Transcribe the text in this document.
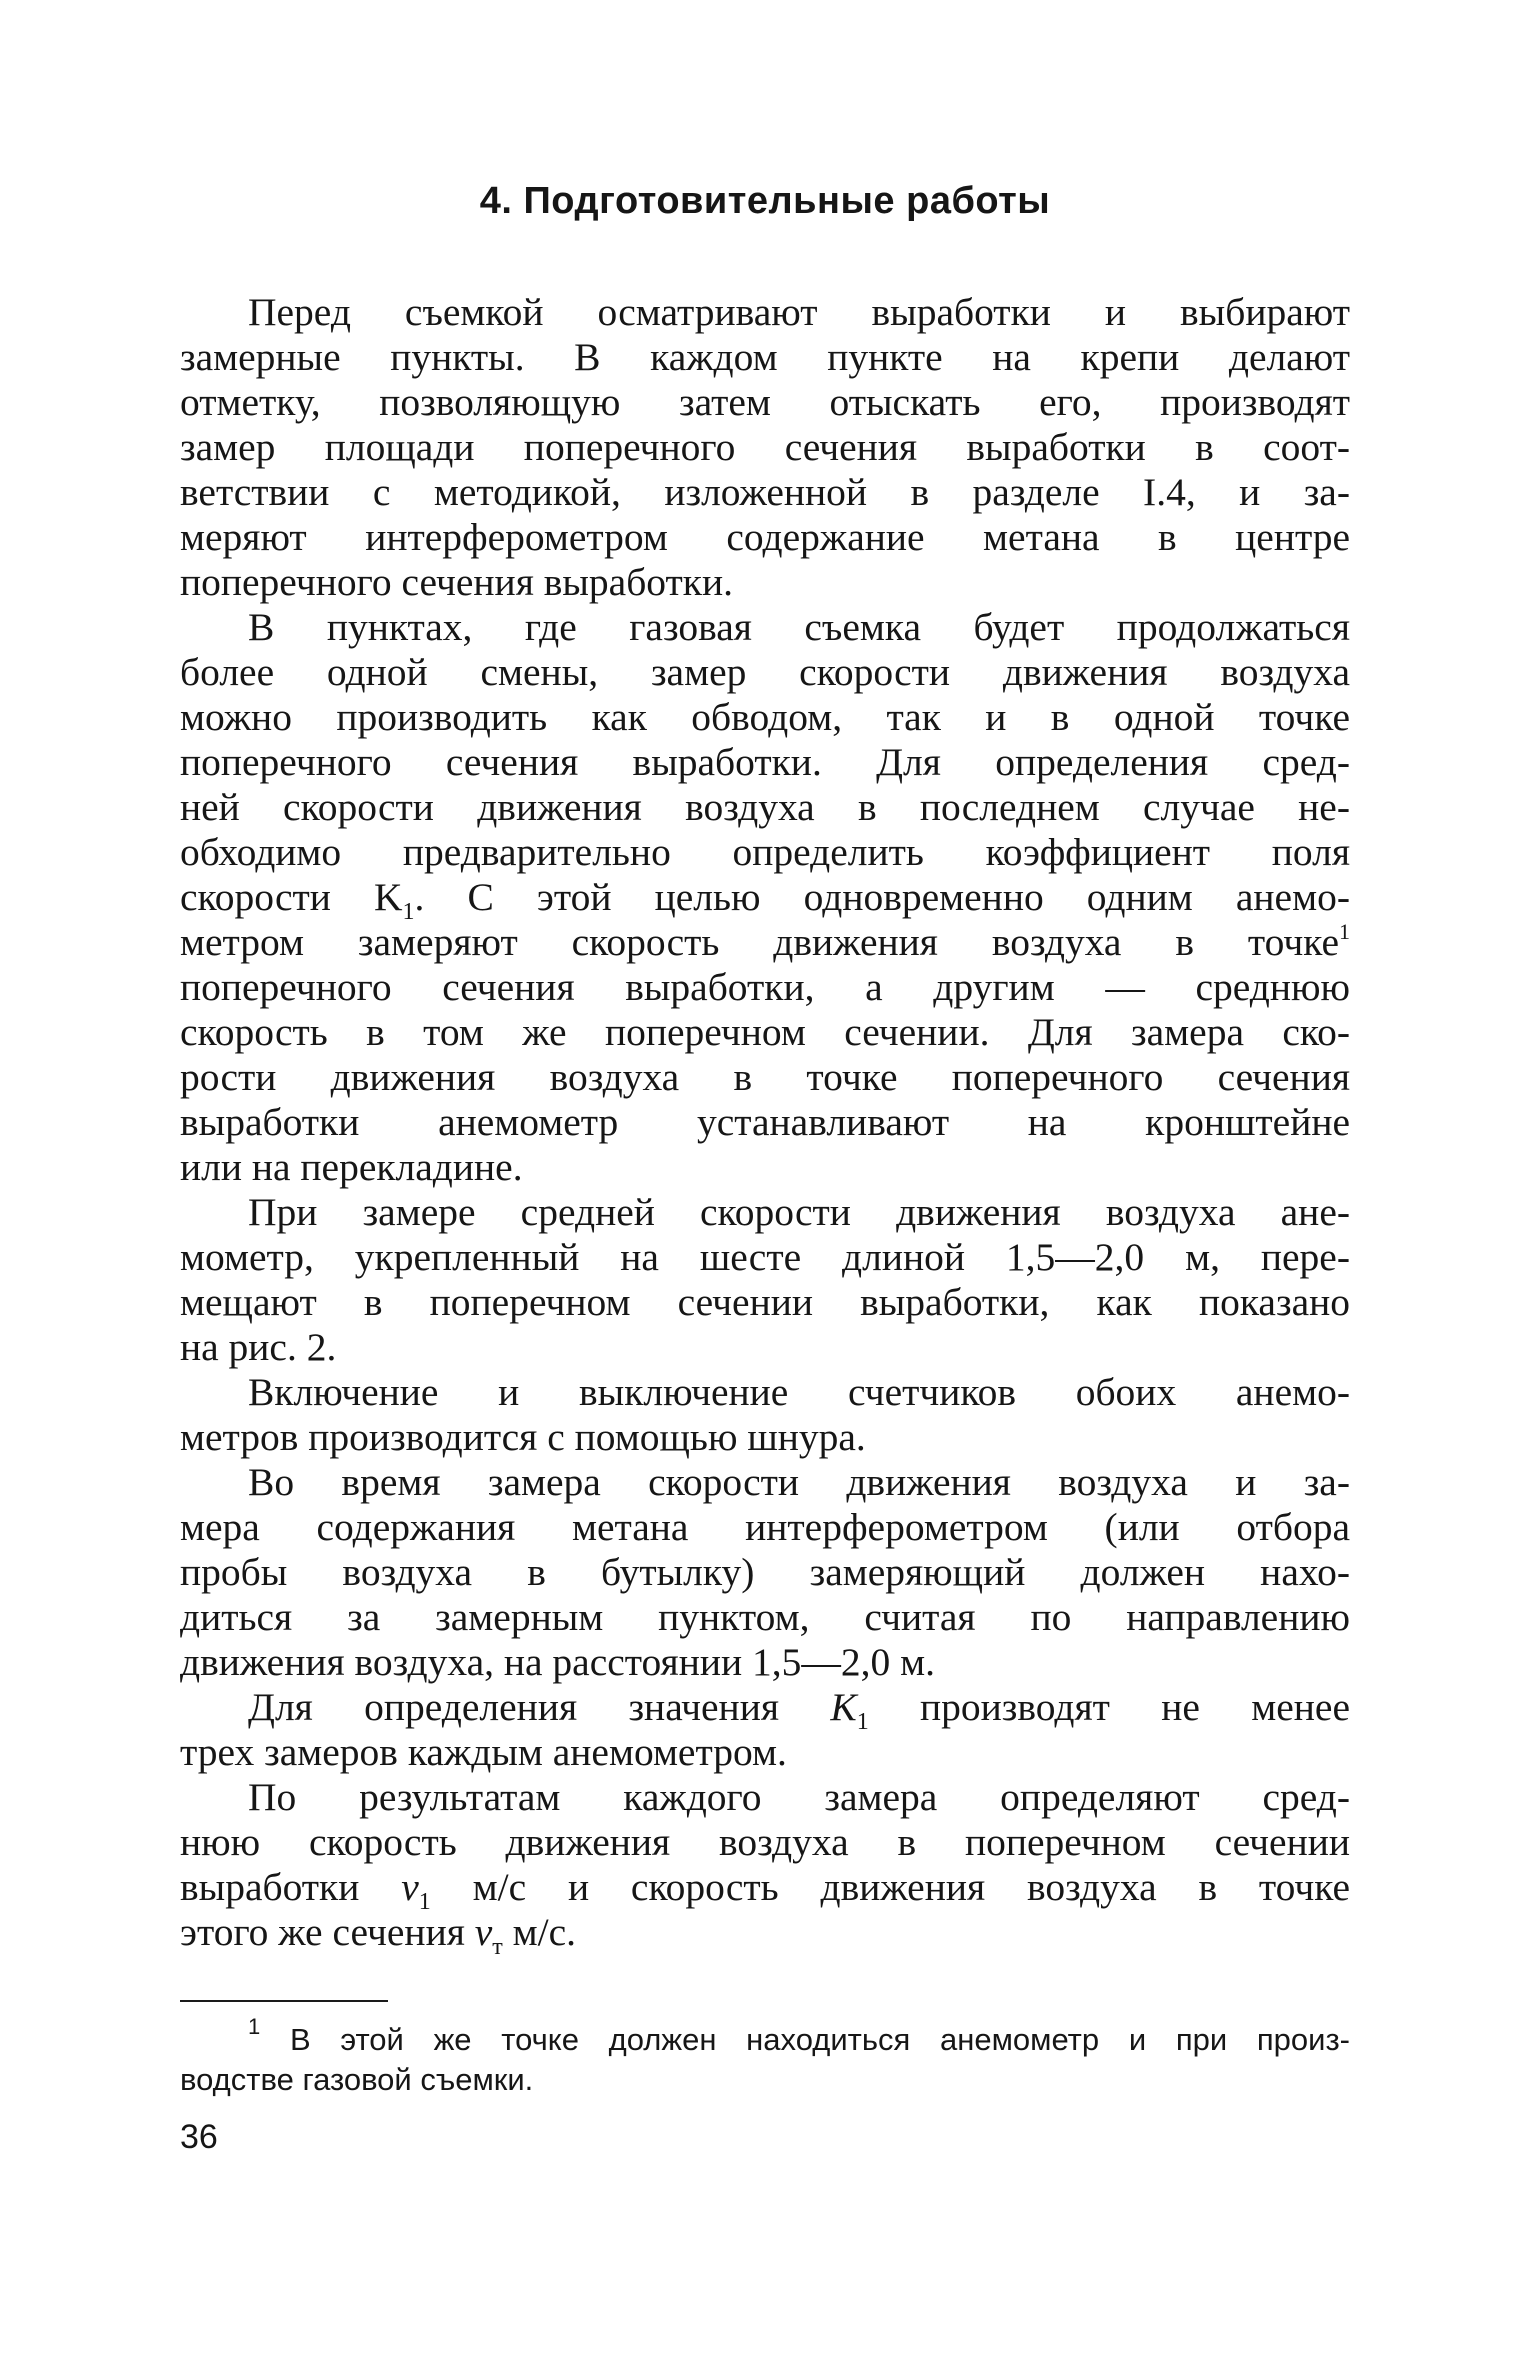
4. Подготовительные работы
Перед съемкой осматривают выработки и выбирают
замерные пункты. В каждом пункте на крепи делают
отметку, позволяющую затем отыскать его, производят
замер площади поперечного сечения выработки в соот-
ветствии с методикой, изложенной в разделе I.4, и за-
меряют интерферометром содержание метана в центре
поперечного сечения выработки.
В пунктах, где газовая съемка будет продолжаться
более одной смены, замер скорости движения воздуха
можно производить как обводом, так и в одной точке
поперечного сечения выработки. Для определения сред-
ней скорости движения воздуха в последнем случае не-
обходимо предварительно определить коэффициент поля
скорости $K_1$. С этой целью одновременно одним анемо-
метром замеряют скорость движения воздуха в точке$^1$
поперечного сечения выработки, а другим — среднюю
скорость в том же поперечном сечении. Для замера ско-
рости движения воздуха в точке поперечного сечения
выработки анемометр устанавливают на кронштейне
или на перекладине.
При замере средней скорости движения воздуха ане-
мометр, укрепленный на шесте длиной 1,5—2,0 м, пере-
мещают в поперечном сечении выработки, как показано
на рис. 2.
Включение и выключение счетчиков обоих анемо-
метров производится с помощью шнура.
Во время замера скорости движения воздуха и за-
мера содержания метана интерферометром (или отбора
пробы воздуха в бутылку) замеряющий должен нахо-
диться за замерным пунктом, считая по направлению
движения воздуха, на расстоянии 1,5—2,0 м.
Для определения значения $K_1$ производят не менее
трех замеров каждым анемометром.
По результатам каждого замера определяют сред-
нюю скорость движения воздуха в поперечном сечении
выработки $v_1$ м/с и скорость движения воздуха в точке
этого же сечения $v_т$ м/с.
$^1$ В этой же точке должен находиться анемометр и при произ-
водстве газовой съемки.
36
